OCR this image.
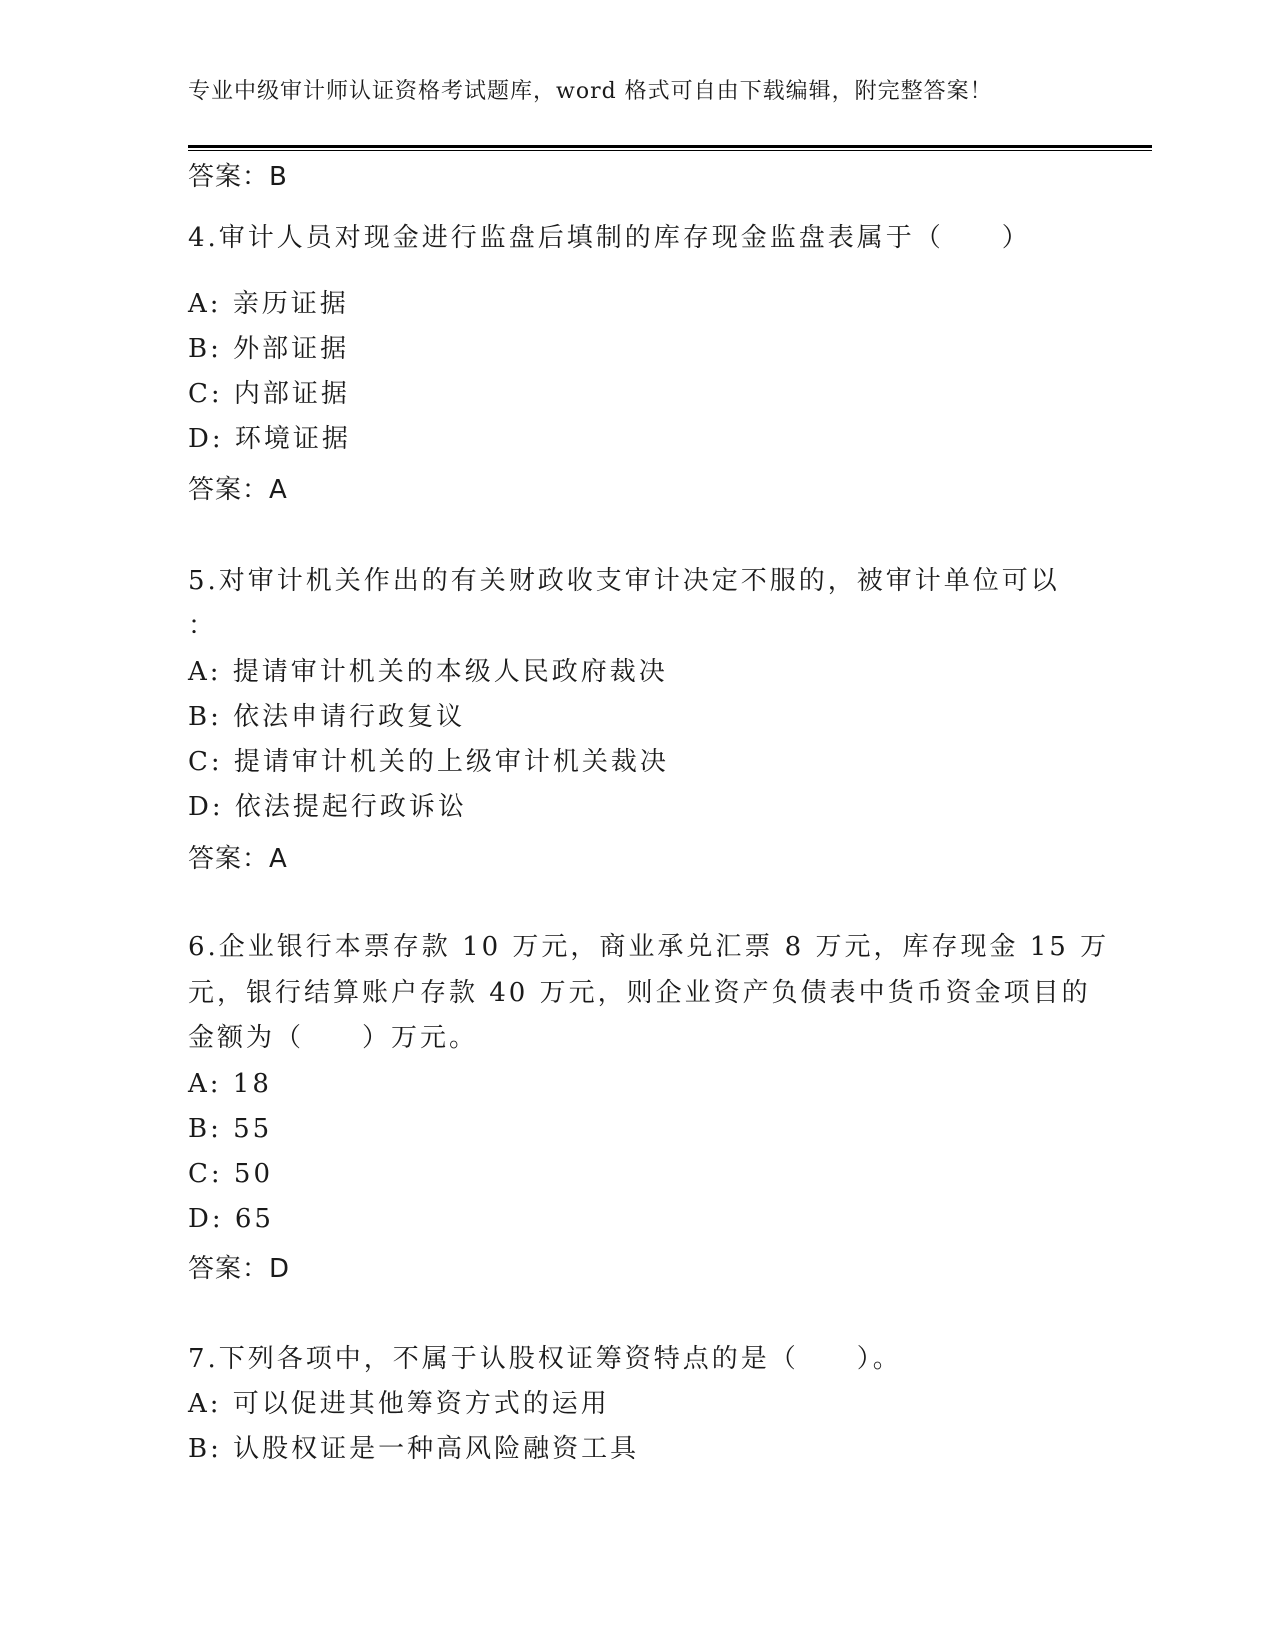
专业中级审计师认证资格考试题库，word 格式可自由下载编辑，附完整答案！
答案：B
4.审计人员对现金进行监盘后填制的库存现金监盘表属于（　　）
A: 亲历证据
B: 外部证据
C: 内部证据
D: 环境证据
答案：A
5.对审计机关作出的有关财政收支审计决定不服的，被审计单位可以
：
A: 提请审计机关的本级人民政府裁决
B: 依法申请行政复议
C: 提请审计机关的上级审计机关裁决
D: 依法提起行政诉讼
答案：A
6.企业银行本票存款 10 万元，商业承兑汇票 8 万元，库存现金 15 万
元，银行结算账户存款 40 万元，则企业资产负债表中货币资金项目的
金额为（　　）万元。
A: 18
B: 55
C: 50
D: 65
答案：D
7.下列各项中，不属于认股权证筹资特点的是（　　）。
A: 可以促进其他筹资方式的运用
B: 认股权证是一种高风险融资工具
